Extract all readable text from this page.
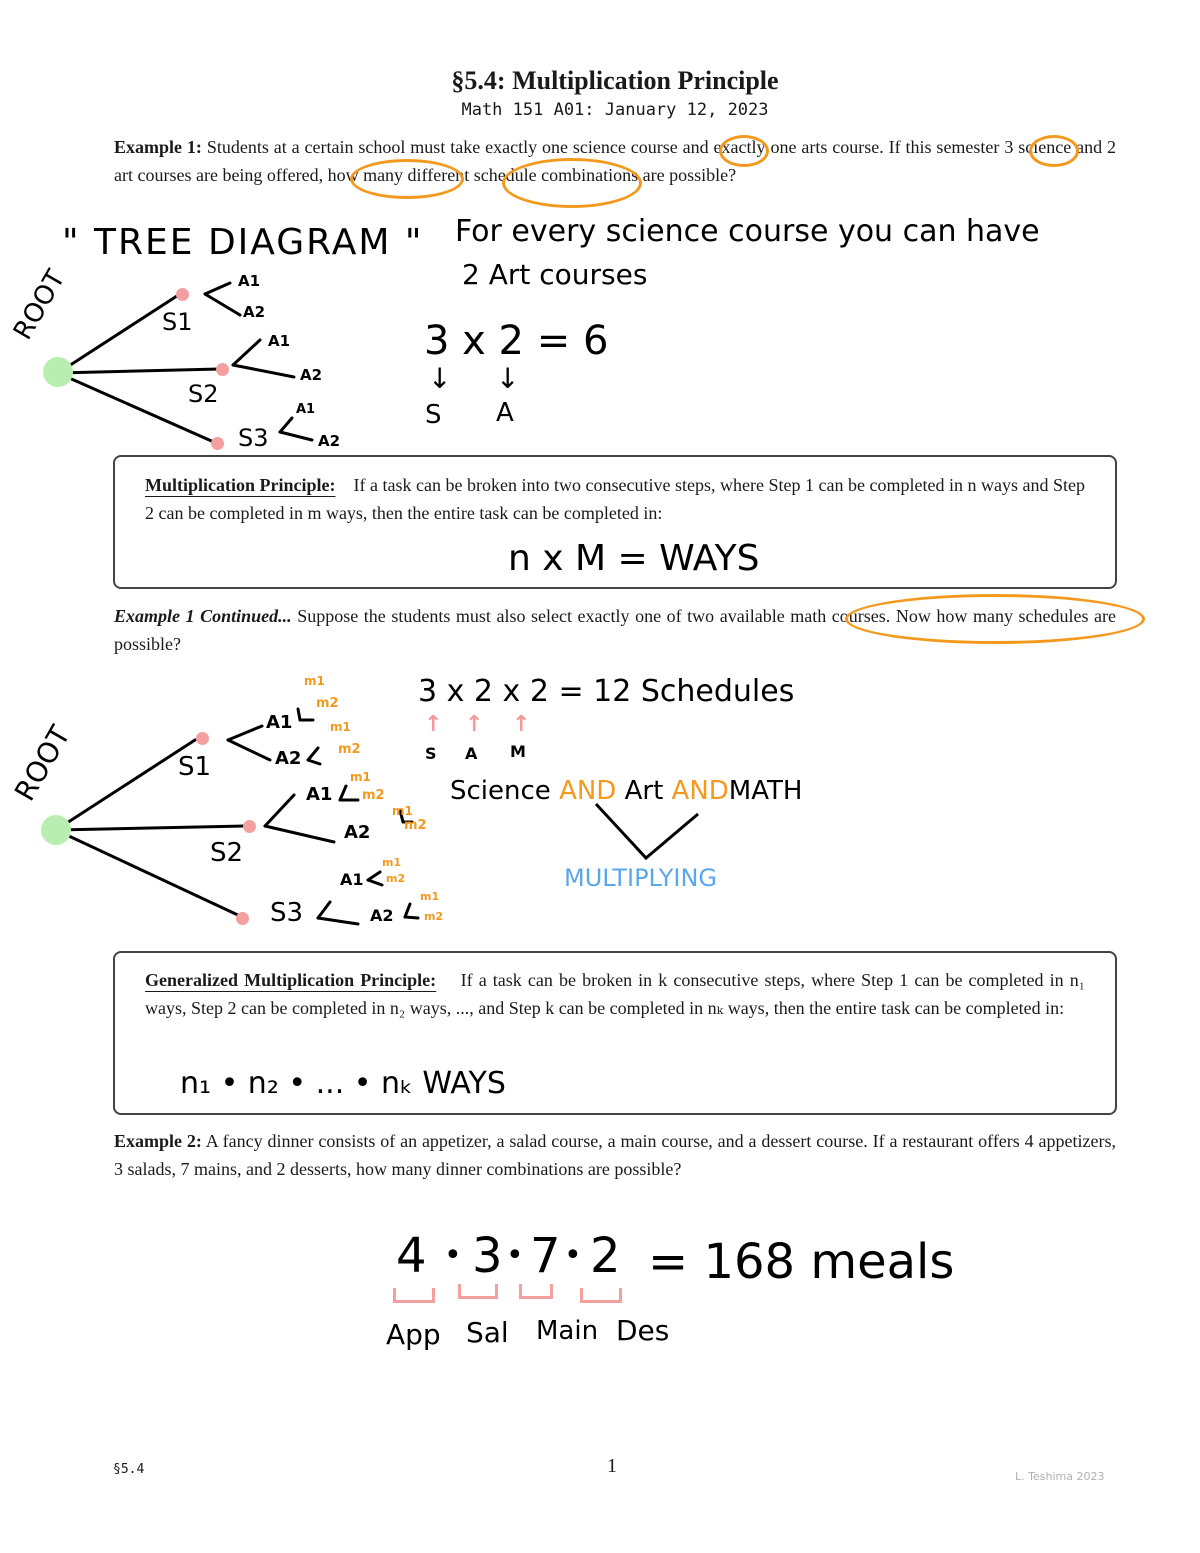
§5.4: Multiplication Principle
Math 151 A01: January 12, 2023
Example 1: Students at a certain school must take exactly one science course and exactly one arts course. If this semester 3 science and 2 art courses are being offered, how many different schedule combinations are possible?
" TREE DIAGRAM " For every science course you can have
2 Art courses
ROOT	S1
A1
A2
S2
A1
A2
S3
A1
A2
3 x 2 = 6
↓ ↓
S A
Multiplication Principle: If a task can be broken into two consecutive steps, where Step 1 can be completed in n ways and Step 2 can be completed in m ways, then the entire task can be completed in:
n x M = WAYS
Example 1 Continued... Suppose the students must also select exactly one of two available math courses. Now how many schedules are possible?
ROOT	S1
A1
m1
m2
A2
m1
m2
S2
A1
m1
m2
A2
m1
m2
S3
A1
m1
m2
A2
m1
m2
3 x 2 x 2 = 12 Schedules
↑ ↑ ↑
S A M
Science AND Art ANDMATH
MULTIPLYING
Generalized Multiplication Principle: If a task can be broken in k consecutive steps, where Step 1 can be completed in n₁ ways, Step 2 can be completed in n₂ ways, ..., and Step k can be completed in nₖ ways, then the entire task can be completed in:
n₁ • n₂ • ... • nₖ WAYS
Example 2: A fancy dinner consists of an appetizer, a salad course, a main course, and a dessert course. If a restaurant offers 4 appetizers, 3 salads, 7 mains, and 2 desserts, how many dinner combinations are possible?
4 • 3 • 7 • 2 = 168 meals
App Sal Main Des
§5.4	1	L. Teshima 2023
